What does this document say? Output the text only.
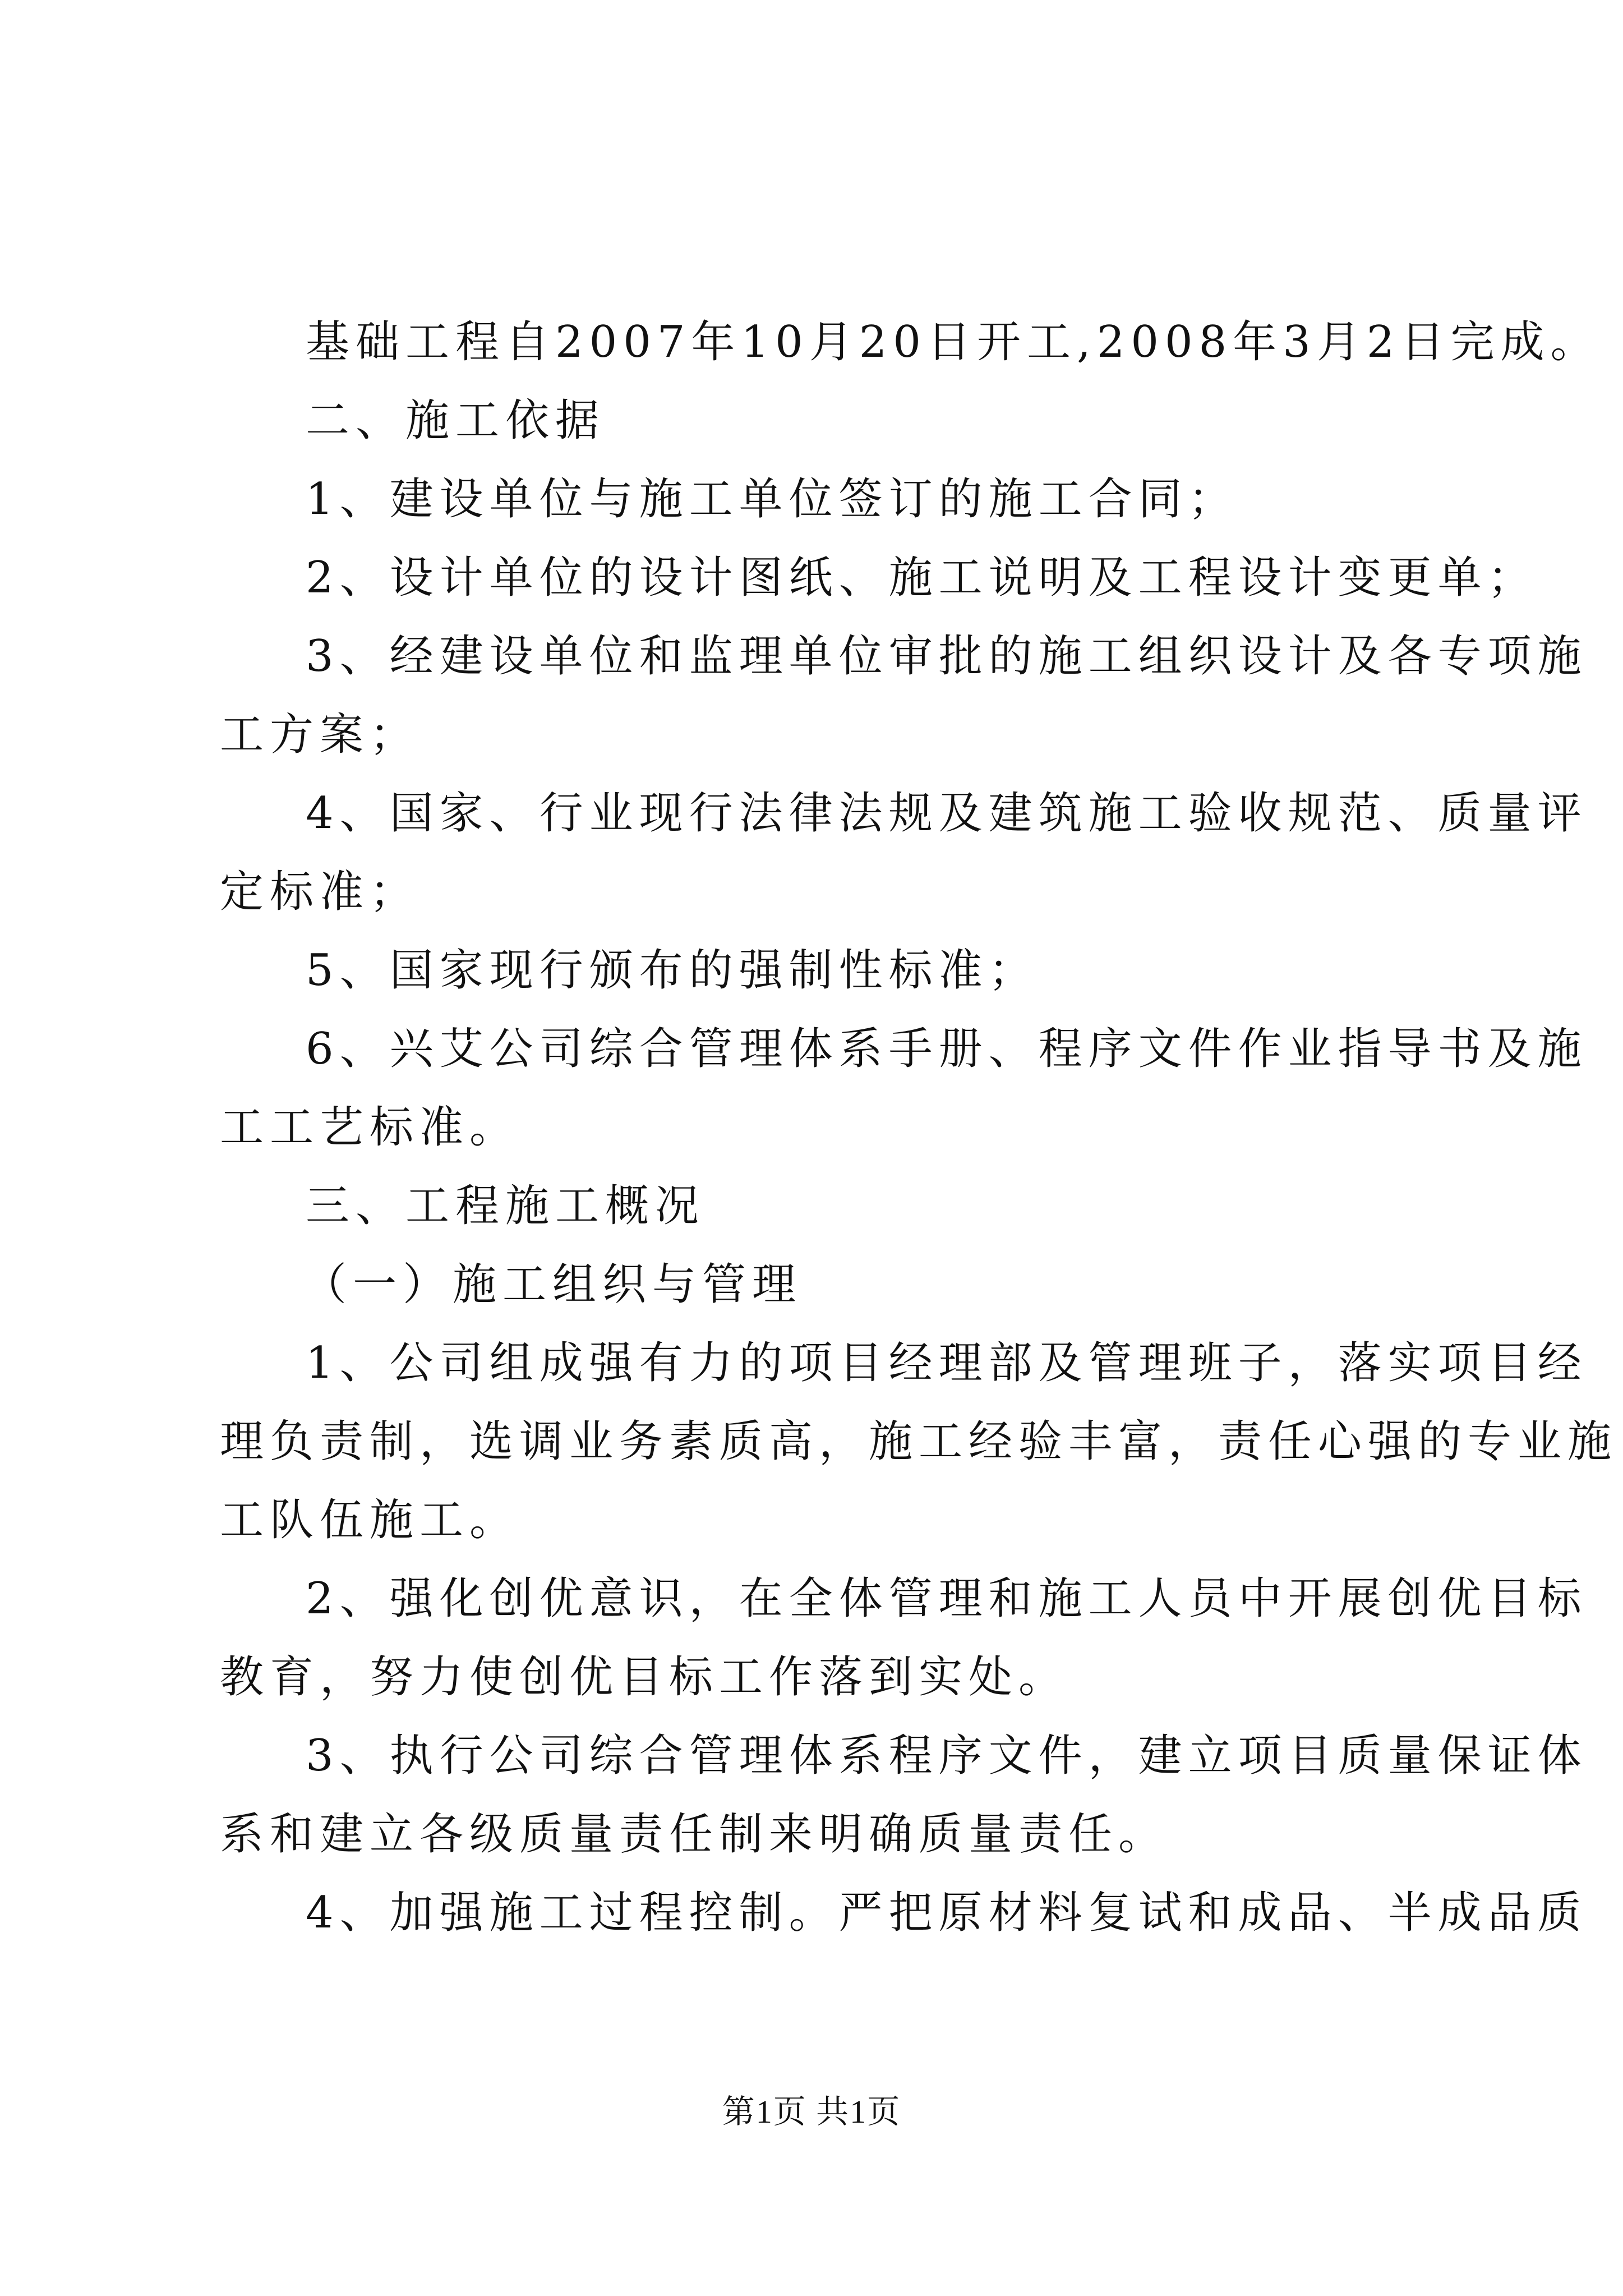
基础工程自2007年10月20日开工,2008年3月2日完成。
二、施工依据
1、建设单位与施工单位签订的施工合同；
2、设计单位的设计图纸、施工说明及工程设计变更单；
3、经建设单位和监理单位审批的施工组织设计及各专项施
工方案；
4、国家、行业现行法律法规及建筑施工验收规范、质量评
定标准；
5、国家现行颁布的强制性标准；
6、兴艾公司综合管理体系手册、程序文件作业指导书及施
工工艺标准。
三、工程施工概况
（一）施工组织与管理
1、公司组成强有力的项目经理部及管理班子，落实项目经
理负责制，选调业务素质高，施工经验丰富，责任心强的专业施
工队伍施工。
2、强化创优意识，在全体管理和施工人员中开展创优目标
教育，努力使创优目标工作落到实处。
3、执行公司综合管理体系程序文件，建立项目质量保证体
系和建立各级质量责任制来明确质量责任。
4、加强施工过程控制。严把原材料复试和成品、半成品质
第1页 共1页
